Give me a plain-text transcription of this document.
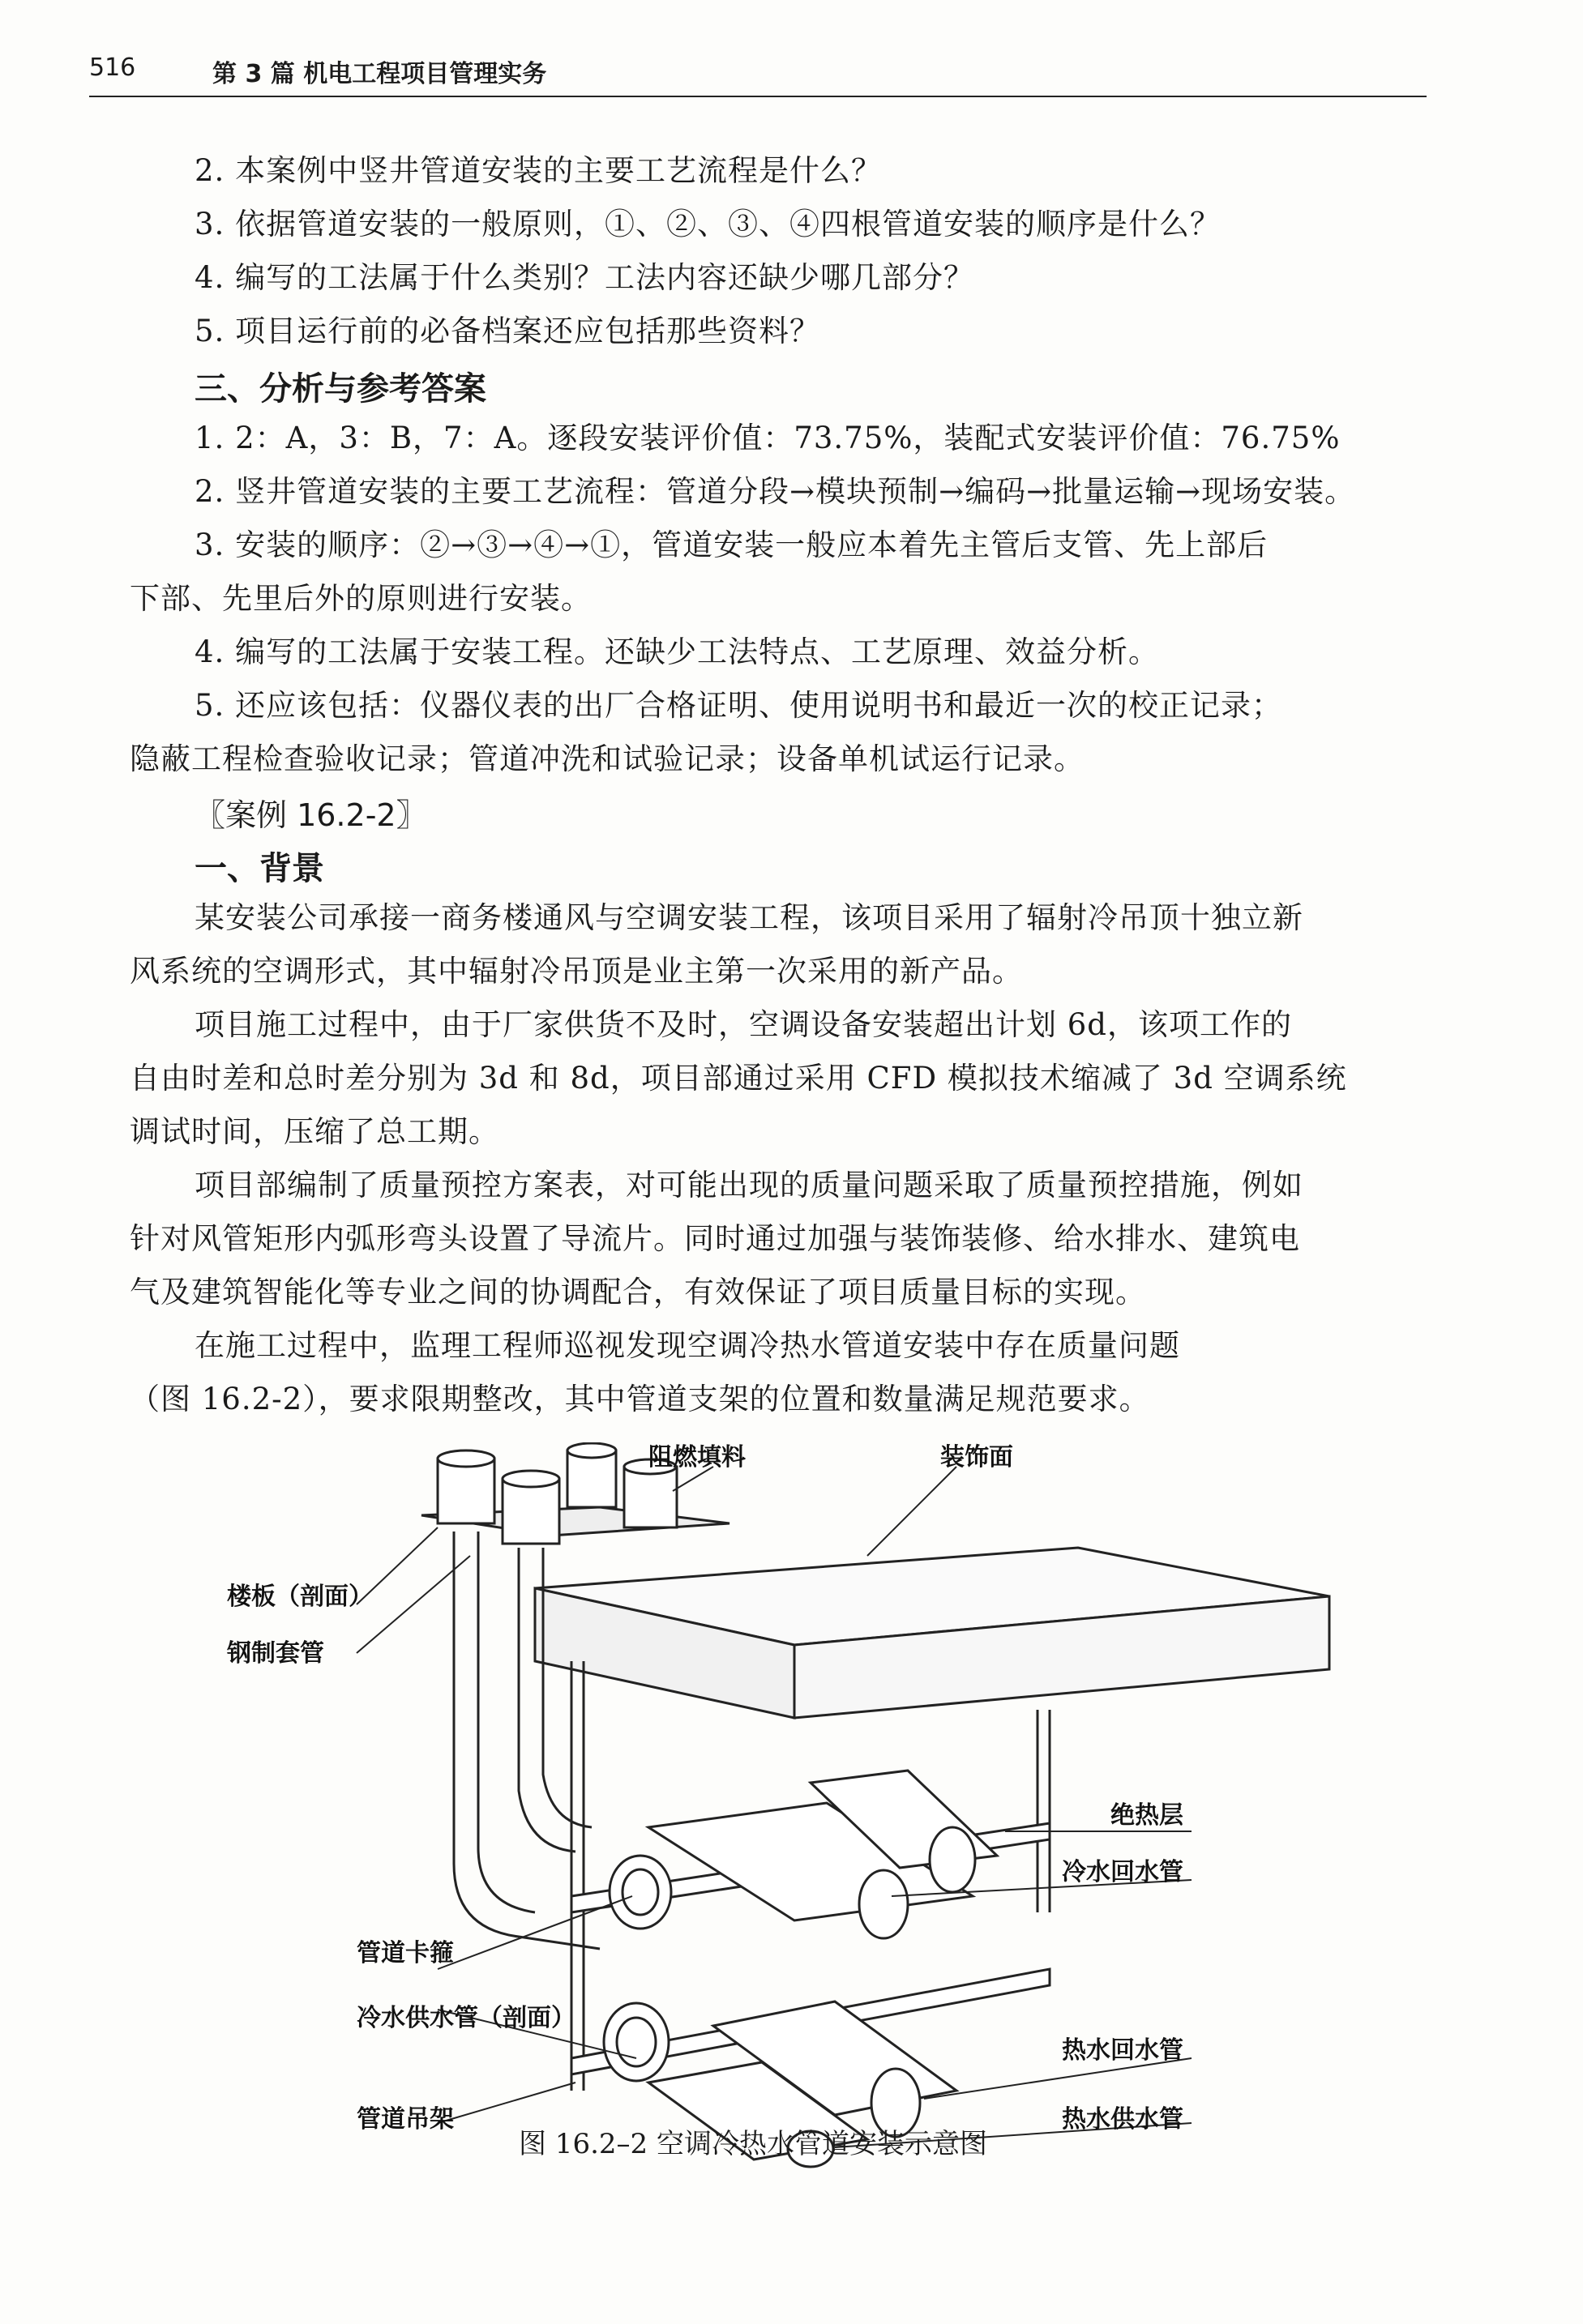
516	第 3 篇 机电工程项目管理实务

2. 本案例中竖井管道安装的主要工艺流程是什么？

3. 依据管道安装的一般原则，①、②、③、④四根管道安装的顺序是什么？

4. 编写的工法属于什么类别？工法内容还缺少哪几部分？

5. 项目运行前的必备档案还应包括那些资料？

三、分析与参考答案

1. 2：A，3：B，7：A。逐段安装评价值：73.75%，装配式安装评价值：76.75%

2. 竖井管道安装的主要工艺流程：管道分段→模块预制→编码→批量运输→现场安装。

3. 安装的顺序：②→③→④→①，管道安装一般应本着先主管后支管、先上部后

下部、先里后外的原则进行安装。

4. 编写的工法属于安装工程。还缺少工法特点、工艺原理、效益分析。

5. 还应该包括：仪器仪表的出厂合格证明、使用说明书和最近一次的校正记录；

隐蔽工程检查验收记录；管道冲洗和试验记录；设备单机试运行记录。

〖案例 16.2-2〗
一、背景

某安装公司承接一商务楼通风与空调安装工程，该项目采用了辐射冷吊顶十独立新

风系统的空调形式，其中辐射冷吊顶是业主第一次采用的新产品。

项目施工过程中，由于厂家供货不及时，空调设备安装超出计划 6d，该项工作的

自由时差和总时差分别为 3d 和 8d，项目部通过采用 CFD 模拟技术缩减了 3d 空调系统

调试时间，压缩了总工期。

项目部编制了质量预控方案表，对可能出现的质量问题采取了质量预控措施，例如

针对风管矩形内弧形弯头设置了导流片。同时通过加强与装饰装修、给水排水、建筑电

气及建筑智能化等专业之间的协调配合，有效保证了项目质量目标的实现。

在施工过程中，监理工程师巡视发现空调冷热水管道安装中存在质量问题

（图 16.2-2），要求限期整改，其中管道支架的位置和数量满足规范要求。

阻燃填料	装饰面
楼板（剖面）
钢制套管
绝热层
冷水回水管
管道卡箍
冷水供水管（剖面）
热水回水管
管道吊架	热水供水管
图 16.2–2 空调冷热水管道安装示意图
